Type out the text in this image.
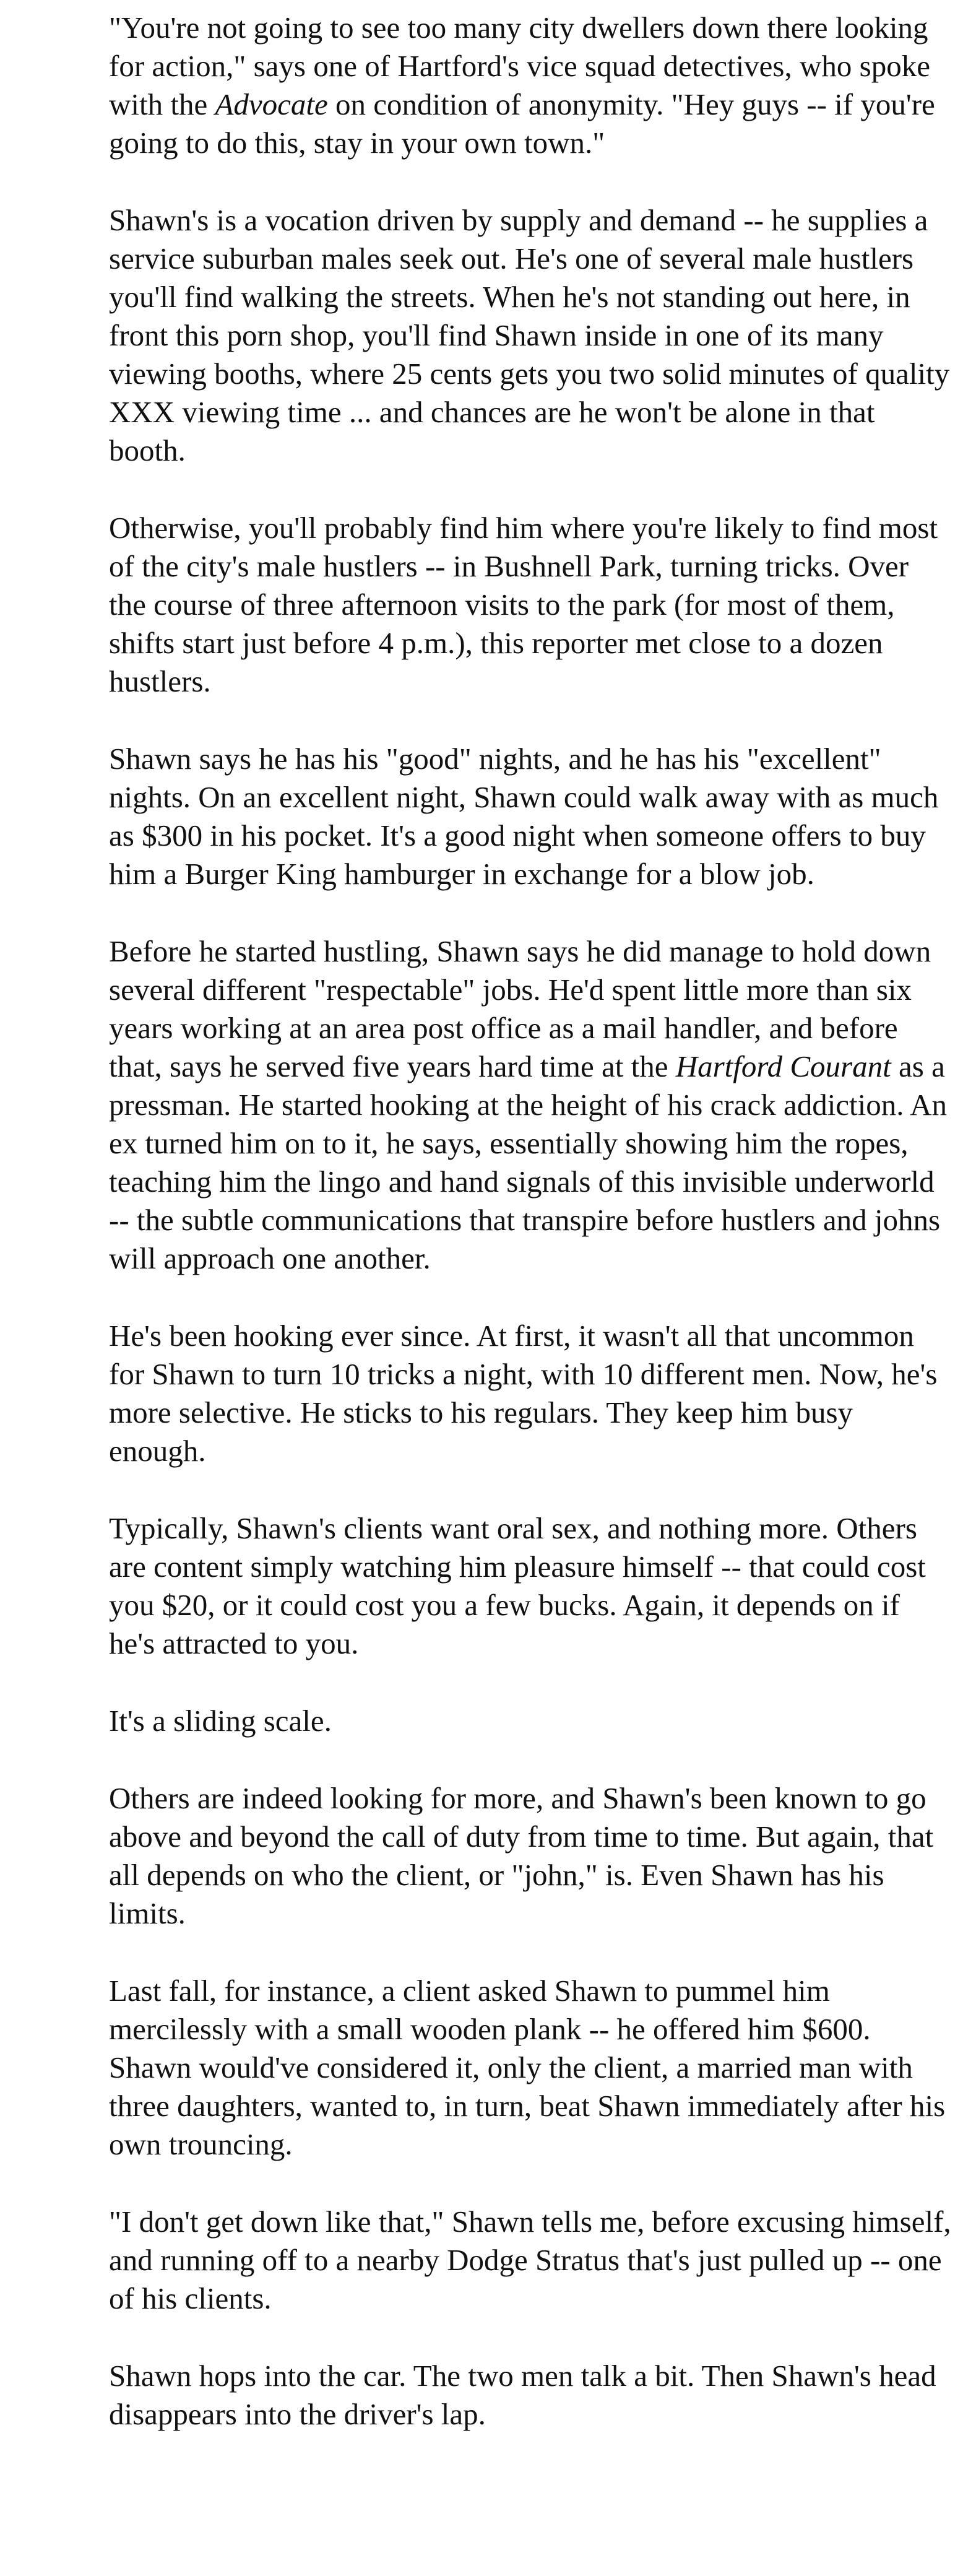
"You're not going to see too many city dwellers down there looking for action," says one of Hartford's vice squad detectives, who spoke with the Advocate on condition of anonymity. "Hey guys -- if you're going to do this, stay in your own town."

Shawn's is a vocation driven by supply and demand -- he supplies a service suburban males seek out. He's one of several male hustlers you'll find walking the streets. When he's not standing out here, in front this porn shop, you'll find Shawn inside in one of its many viewing booths, where 25 cents gets you two solid minutes of quality XXX viewing time ... and chances are he won't be alone in that booth.

Otherwise, you'll probably find him where you're likely to find most of the city's male hustlers -- in Bushnell Park, turning tricks. Over the course of three afternoon visits to the park (for most of them, shifts start just before 4 p.m.), this reporter met close to a dozen hustlers.

Shawn says he has his "good" nights, and he has his "excellent" nights. On an excellent night, Shawn could walk away with as much as $300 in his pocket. It's a good night when someone offers to buy him a Burger King hamburger in exchange for a blow job.

Before he started hustling, Shawn says he did manage to hold down several different "respectable" jobs. He'd spent little more than six years working at an area post office as a mail handler, and before that, says he served five years hard time at the Hartford Courant as a pressman. He started hooking at the height of his crack addiction. An ex turned him on to it, he says, essentially showing him the ropes, teaching him the lingo and hand signals of this invisible underworld -- the subtle communications that transpire before hustlers and johns will approach one another.

He's been hooking ever since. At first, it wasn't all that uncommon for Shawn to turn 10 tricks a night, with 10 different men. Now, he's more selective. He sticks to his regulars. They keep him busy enough.

Typically, Shawn's clients want oral sex, and nothing more. Others are content simply watching him pleasure himself -- that could cost you $20, or it could cost you a few bucks. Again, it depends on if he's attracted to you.

It's a sliding scale.

Others are indeed looking for more, and Shawn's been known to go above and beyond the call of duty from time to time. But again, that all depends on who the client, or "john," is. Even Shawn has his limits.

Last fall, for instance, a client asked Shawn to pummel him mercilessly with a small wooden plank -- he offered him $600. Shawn would've considered it, only the client, a married man with three daughters, wanted to, in turn, beat Shawn immediately after his own trouncing.

"I don't get down like that," Shawn tells me, before excusing himself, and running off to a nearby Dodge Stratus that's just pulled up -- one of his clients.

Shawn hops into the car. The two men talk a bit. Then Shawn's head disappears into the driver's lap.
